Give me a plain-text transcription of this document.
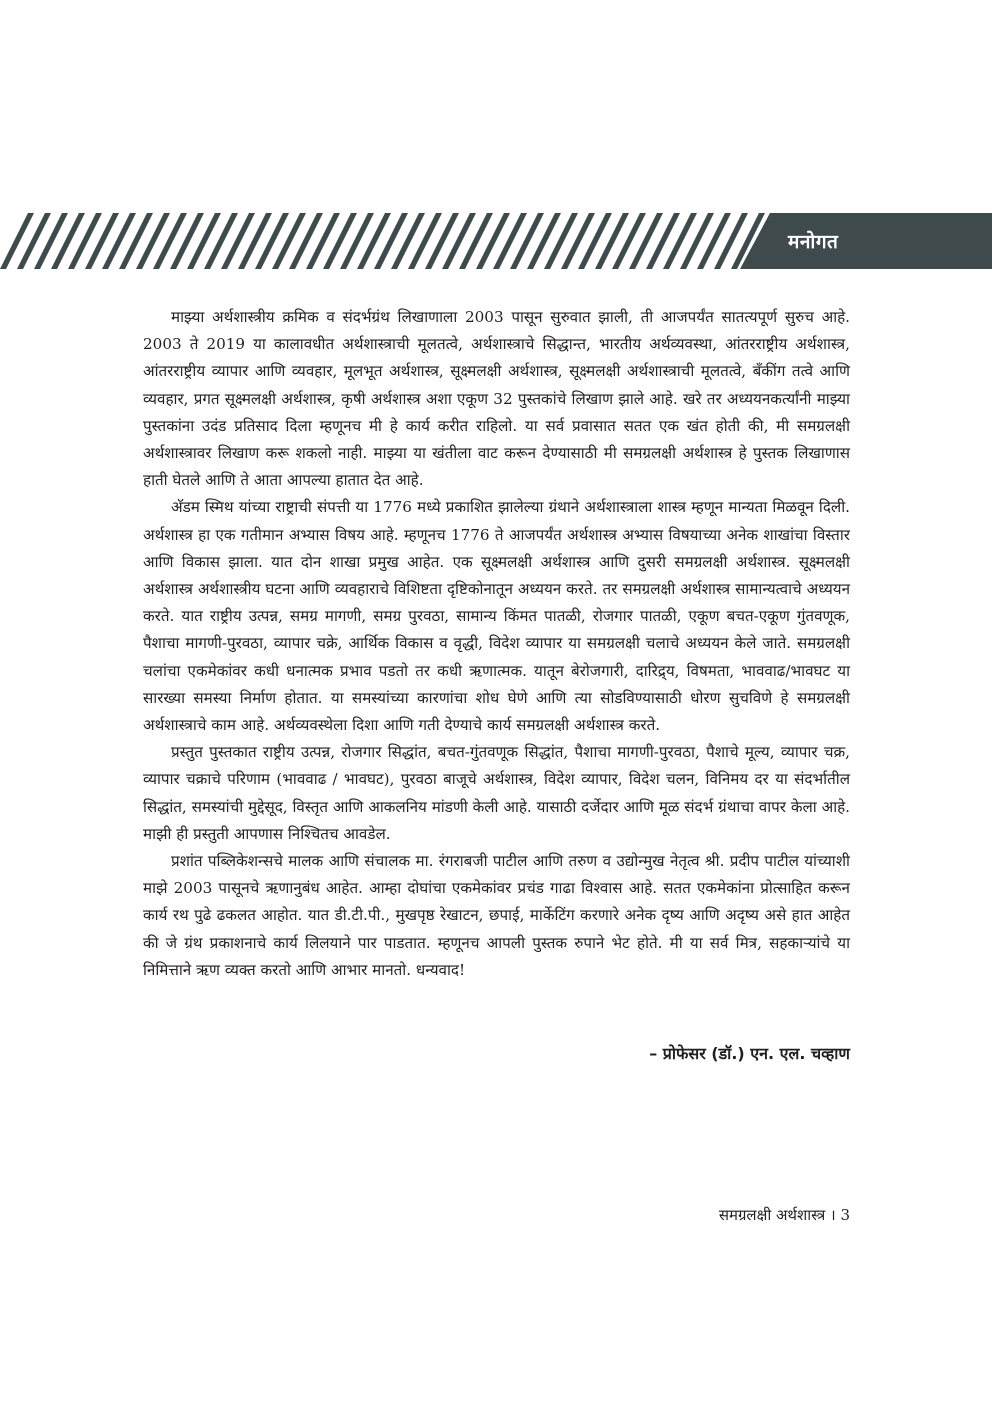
मनोगत

माझ्या अर्थशास्त्रीय क्रमिक व संदर्भग्रंथ लिखाणाला 2003 पासून सुरुवात झाली, ती आजपर्यंत सातत्यपूर्ण सुरुच आहे. 2003 ते 2019 या कालावधीत अर्थशास्त्राची मूलतत्वे, अर्थशास्त्राचे सिद्धान्त, भारतीय अर्थव्यवस्था, आंतरराष्ट्रीय अर्थशास्त्र, आंतरराष्ट्रीय व्यापार आणि व्यवहार, मूलभूत अर्थशास्त्र, सूक्ष्मलक्षी अर्थशास्त्र, सूक्ष्मलक्षी अर्थशास्त्राची मूलतत्वे, बँकींग तत्वे आणि व्यवहार, प्रगत सूक्ष्मलक्षी अर्थशास्त्र, कृषी अर्थशास्त्र अशा एकूण 32 पुस्तकांचे लिखाण झाले आहे. खरे तर अध्ययनकर्त्यांनी माझ्या पुस्तकांना उदंड प्रतिसाद दिला म्हणूनच मी हे कार्य करीत राहिलो. या सर्व प्रवासात सतत एक खंत होती की, मी समग्रलक्षी अर्थशास्त्रावर लिखाण करू शकलो नाही. माझ्या या खंतीला वाट करून देण्यासाठी मी समग्रलक्षी अर्थशास्त्र हे पुस्तक लिखाणास हाती घेतले आणि ते आता आपल्या हातात देत आहे.

अ‍ॅडम स्मिथ यांच्या राष्ट्राची संपत्ती या 1776 मध्ये प्रकाशित झालेल्या ग्रंथाने अर्थशास्त्राला शास्त्र म्हणून मान्यता मिळवून दिली. अर्थशास्त्र हा एक गतीमान अभ्यास विषय आहे. म्हणूनच 1776 ते आजपर्यंत अर्थशास्त्र अभ्यास विषयाच्या अनेक शाखांचा विस्तार आणि विकास झाला. यात दोन शाखा प्रमुख आहेत. एक सूक्ष्मलक्षी अर्थशास्त्र आणि दुसरी समग्रलक्षी अर्थशास्त्र. सूक्ष्मलक्षी अर्थशास्त्र अर्थशास्त्रीय घटना आणि व्यवहाराचे विशिष्टता दृष्टिकोनातून अध्ययन करते. तर समग्रलक्षी अर्थशास्त्र सामान्यत्वाचे अध्ययन करते. यात राष्ट्रीय उत्पन्न, समग्र मागणी, समग्र पुरवठा, सामान्य किंमत पातळी, रोजगार पातळी, एकूण बचत-एकूण गुंतवणूक, पैशाचा मागणी-पुरवठा, व्यापार चक्रे, आर्थिक विकास व वृद्धी, विदेश व्यापार या समग्रलक्षी चलाचे अध्ययन केले जाते. समग्रलक्षी चलांचा एकमेकांवर कधी धनात्मक प्रभाव पडतो तर कधी ऋणात्मक. यातून बेरोजगारी, दारिद्र्य, विषमता, भाववाढ/भावघट या सारख्या समस्या निर्माण होतात. या समस्यांच्या कारणांचा शोध घेणे आणि त्या सोडविण्यासाठी धोरण सुचविणे हे समग्रलक्षी अर्थशास्त्राचे काम आहे. अर्थव्यवस्थेला दिशा आणि गती देण्याचे कार्य समग्रलक्षी अर्थशास्त्र करते.

प्रस्तुत पुस्तकात राष्ट्रीय उत्पन्न, रोजगार सिद्धांत, बचत-गुंतवणूक सिद्धांत, पैशाचा मागणी-पुरवठा, पैशाचे मूल्य, व्यापार चक्र, व्यापार चक्राचे परिणाम (भाववाढ / भावघट), पुरवठा बाजूचे अर्थशास्त्र, विदेश व्यापार, विदेश चलन, विनिमय दर या संदर्भातील सिद्धांत, समस्यांची मुद्देसूद, विस्तृत आणि आकलनिय मांडणी केली आहे. यासाठी दर्जेदार आणि मूळ संदर्भ ग्रंथाचा वापर केला आहे. माझी ही प्रस्तुती आपणास निश्चितच आवडेल.

प्रशांत पब्लिकेशन्सचे मालक आणि संचालक मा. रंगराबजी पाटील आणि तरुण व उद्योन्मुख नेतृत्व श्री. प्रदीप पाटील यांच्याशी माझे 2003 पासूनचे ऋणानुबंध आहेत. आम्हा दोघांचा एकमेकांवर प्रचंड गाढा विश्वास आहे. सतत एकमेकांना प्रोत्साहित करून कार्य रथ पुढे ढकलत आहोत. यात डी.टी.पी., मुखपृष्ठ रेखाटन, छपाई, मार्केटिंग करणारे अनेक दृष्य आणि अदृष्य असे हात आहेत की जे ग्रंथ प्रकाशनाचे कार्य लिलयाने पार पाडतात. म्हणूनच आपली पुस्तक रुपाने भेट होते. मी या सर्व मित्र, सहकाऱ्यांचे या निमित्ताने ऋण व्यक्त करतो आणि आभार मानतो. धन्यवाद!

– प्रोफेसर (डॉ.) एन. एल. चव्हाण
समग्रलक्षी अर्थशास्त्र । 3
